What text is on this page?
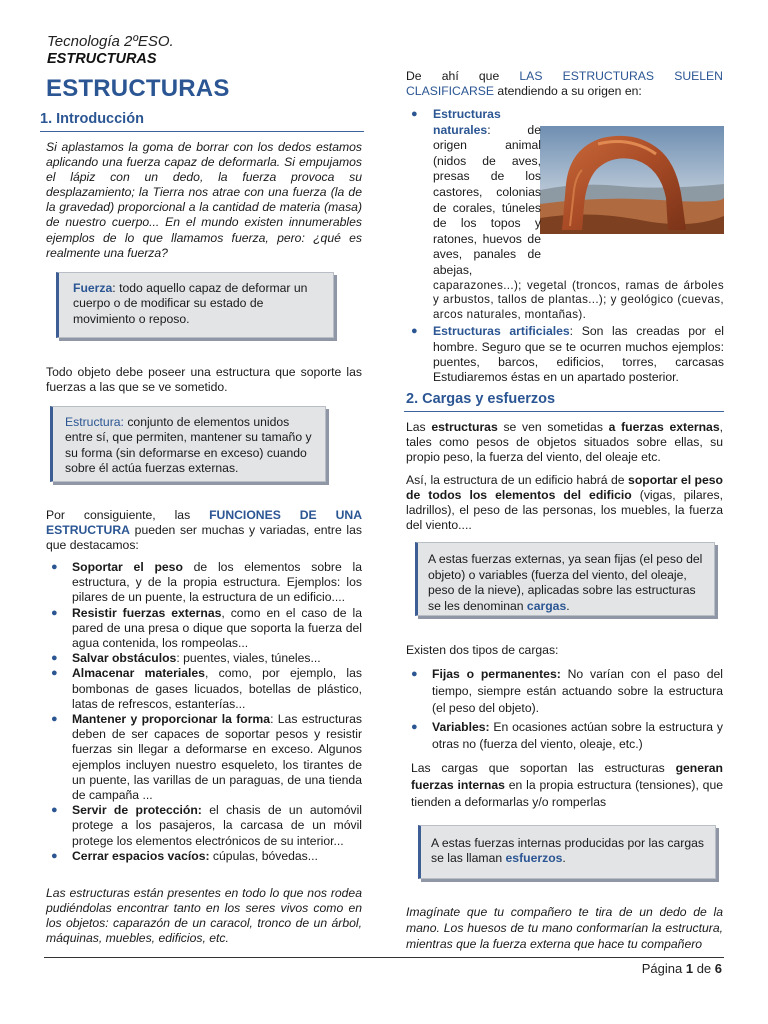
Tecnología 2ºESO.
ESTRUCTURAS
ESTRUCTURAS
1. Introducción

Si aplastamos la goma de borrar con los dedos estamos aplicando una fuerza capaz de deformarla. Si empujamos el lápiz con un dedo, la fuerza provoca su desplazamiento; la Tierra nos atrae con una fuerza (la de la gravedad) proporcional a la cantidad de materia (masa) de nuestro cuerpo... En el mundo existen innumerables ejemplos de lo que llamamos fuerza, pero: ¿qué es realmente una fuerza?

Fuerza: todo aquello capaz de deformar un cuerpo o de modificar su estado de movimiento o reposo.

Todo objeto debe poseer una estructura que soporte las fuerzas a las que se ve sometido.

Estructura: conjunto de elementos unidos entre sí, que permiten, mantener su tamaño y su forma (sin deformarse en exceso) cuando sobre él actúa fuerzas externas.

Por consiguiente, las FUNCIONES DE UNA ESTRUCTURA pueden ser muchas y variadas, entre las que destacamos:

● Soportar el peso de los elementos sobre la estructura, y de la propia estructura. Ejemplos: los pilares de un puente, la estructura de un edificio....
● Resistir fuerzas externas, como en el caso de la pared de una presa o dique que soporta la fuerza del agua contenida, los rompeolas...
● Salvar obstáculos: puentes, viales, túneles...
● Almacenar materiales, como, por ejemplo, las bombonas de gases licuados, botellas de plástico, latas de refrescos, estanterías...
● Mantener y proporcionar la forma: Las estructuras deben de ser capaces de soportar pesos y resistir fuerzas sin llegar a deformarse en exceso. Algunos ejemplos incluyen nuestro esqueleto, los tirantes de un puente, las varillas de un paraguas, de una tienda de campaña ...
● Servir de protección: el chasis de un automóvil protege a los pasajeros, la carcasa de un móvil protege los elementos electrónicos de su interior...
● Cerrar espacios vacíos: cúpulas, bóvedas...

Las estructuras están presentes en todo lo que nos rodea pudiéndolas encontrar tanto en los seres vivos como en los objetos: caparazón de un caracol, tronco de un árbol, máquinas, muebles, edificios, etc.

De ahí que LAS ESTRUCTURAS SUELEN CLASIFICARSE atendiendo a su origen en:

● Estructuras naturales: de origen animal (nidos de aves, presas de los castores, colonias de corales, túneles de los topos y ratones, huevos de aves, panales de abejas,
caparazones...); vegetal (troncos, ramas de árboles y arbustos, tallos de plantas...); y geológico (cuevas, arcos naturales, montañas).
● Estructuras artificiales: Son las creadas por el hombre. Seguro que se te ocurren muchos ejemplos: puentes, barcos, edificios, torres, carcasas Estudiaremos éstas en un apartado posterior.
2. Cargas y esfuerzos

Las estructuras se ven sometidas a fuerzas externas, tales como pesos de objetos situados sobre ellas, su propio peso, la fuerza del viento, del oleaje etc.

Así, la estructura de un edificio habrá de soportar el peso de todos los elementos del edificio (vigas, pilares, ladrillos), el peso de las personas, los muebles, la fuerza del viento....

A estas fuerzas externas, ya sean fijas (el peso del objeto) o variables (fuerza del viento, del oleaje, peso de la nieve), aplicadas sobre las estructuras se les denominan cargas.

Existen dos tipos de cargas:

● Fijas o permanentes: No varían con el paso del tiempo, siempre están actuando sobre la estructura (el peso del objeto).
● Variables: En ocasiones actúan sobre la estructura y otras no (fuerza del viento, oleaje, etc.)

Las cargas que soportan las estructuras generan fuerzas internas en la propia estructura (tensiones), que tienden a deformarlas y/o romperlas

A estas fuerzas internas producidas por las cargas se las llaman esfuerzos.

Imagínate que tu compañero te tira de un dedo de la mano. Los huesos de tu mano conformarían la estructura, mientras que la fuerza externa que hace tu compañero

Página 1 de 6
